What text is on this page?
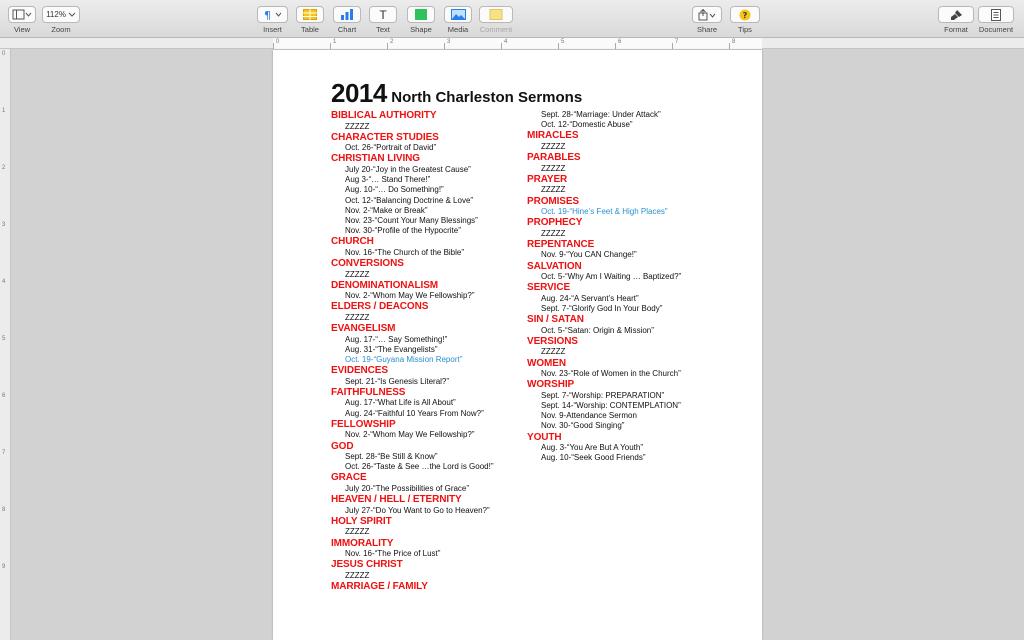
View
112%
Zoom
¶
Insert	Table	Chart
T
Text	Shape Media Comment	Share
?
Tips	Format Document
0	1	2	3	4	5	6	7	8
0
1
2
3
4
5
6
7
8
9
2014 North Charleston Sermons
BIBLICAL AUTHORITY
ZZZZZ
CHARACTER STUDIES
Oct. 26-“Portrait of David”
CHRISTIAN LIVING
July 20-“Joy in the Greatest Cause”
Aug 3-“… Stand There!”
Aug. 10-“… Do Something!”
Oct. 12-“Balancing Doctrine & Love”
Nov. 2-“Make or Break”
Nov. 23-“Count Your Many Blessings”
Nov. 30-“Profile of the Hypocrite”
CHURCH
Nov. 16-“The Church of the Bible”
CONVERSIONS
ZZZZZ
DENOMINATIONALISM
Nov. 2-“Whom May We Fellowship?”
ELDERS / DEACONS
ZZZZZ
EVANGELISM
Aug. 17-“… Say Something!”
Aug. 31-“The Evangelists”
Oct. 19-“Guyana Mission Report”
EVIDENCES
Sept. 21-“Is Genesis Literal?”
FAITHFULNESS
Aug. 17-“What Life is All About”
Aug. 24-“Faithful 10 Years From Now?”
FELLOWSHIP
Nov. 2-“Whom May We Fellowship?”
GOD
Sept. 28-“Be Still & Know”
Oct. 26-“Taste & See …the Lord is Good!”
GRACE
July 20-“The Possibilities of Grace”
HEAVEN / HELL / ETERNITY
July 27-“Do You Want to Go to Heaven?”
HOLY SPIRIT
ZZZZZ
IMMORALITY
Nov. 16-“The Price of Lust”
JESUS CHRIST
ZZZZZ
MARRIAGE / FAMILY
Sept. 28-“Marriage: Under Attack”
Oct. 12-“Domestic Abuse”
MIRACLES
ZZZZZ
PARABLES
ZZZZZ
PRAYER
ZZZZZ
PROMISES
Oct. 19-“Hine’s Feet & High Places”
PROPHECY
ZZZZZ
REPENTANCE
Nov. 9-“You CAN Change!”
SALVATION
Oct. 5-“Why Am I Waiting … Baptized?”
SERVICE
Aug. 24-“A Servant’s Heart”
Sept. 7-“Glorify God In Your Body”
SIN / SATAN
Oct. 5-“Satan: Origin & Mission”
VERSIONS
ZZZZZ
WOMEN
Nov. 23-“Role of Women in the Church”
WORSHIP
Sept. 7-“Worship: PREPARATION”
Sept. 14-“Worship: CONTEMPLATION”
Nov. 9-Attendance Sermon
Nov. 30-“Good Singing”
YOUTH
Aug. 3-“You Are But A Youth”
Aug. 10-“Seek Good Friends”
